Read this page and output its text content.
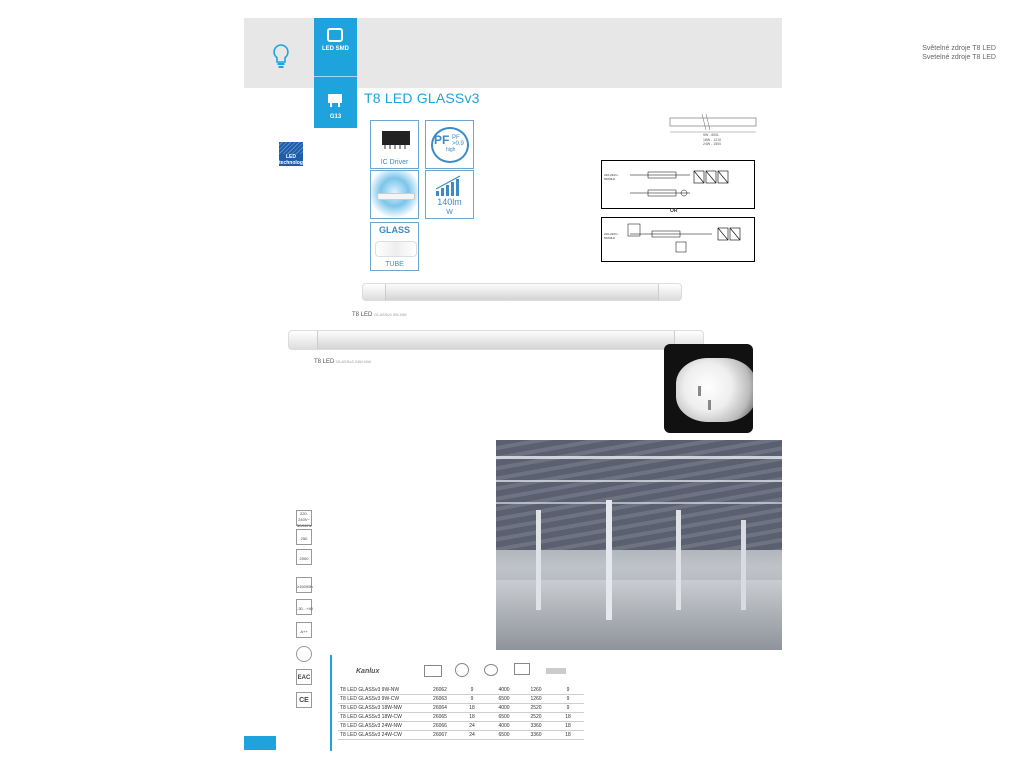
Světelné zdroje T8 LED
Svetelné zdroje T8 LED
LED SMD
G13
LED technology
T8 LED GLASSv3
IC Driver
PF PF >0.9
high
140lm
W
GLASS
TUBE
9W - 600L
18W - 1210
24W - 1500
220-240V~ 50/60Hz
OR
220-240V~ 50/60Hz
T8 LED GLASSv3 9W-NW
T8 LED GLASSv3 24W-NW
220-240V~ 50/60Hz

250

2000

≥15000h

-30...+40

A++
EAC
CE
Kanlux
T8 LED GLASSv3 9W-NW	26062	9	4000	1260	9
T8 LED GLASSv3 9W-CW	26063	9	6500	1260	9
T8 LED GLASSv3 18W-NW	26064	18	4000	2520	9
T8 LED GLASSv3 18W-CW	26065	18	6500	2520	18
T8 LED GLASSv3 24W-NW	26066	24	4000	3360	18
T8 LED GLASSv3 24W-CW	26067	24	6500	3360	18
